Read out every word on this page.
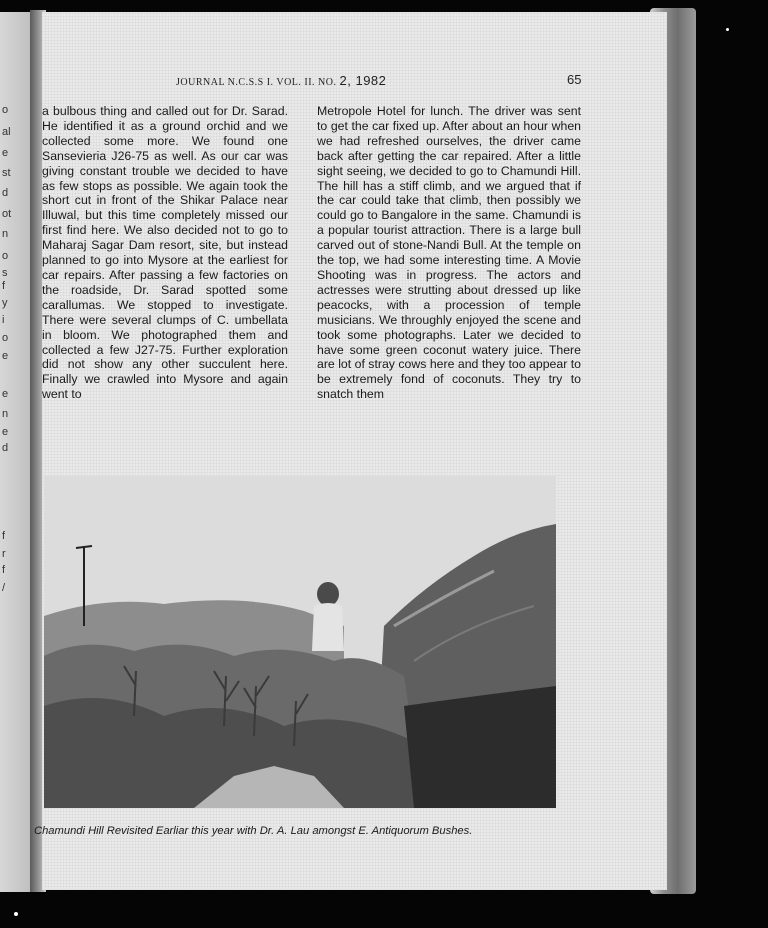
o
al
e
st
d
ot
n
o
s
f
y
i
o
e
e
n
e
d
f
r
f
/
JOURNAL N.C.S.S I. VOL. II. NO. 2, 1982	65

a bulbous thing and called out for Dr. Sarad. He identified it as a ground orchid and we collected some more. We found one Sansevieria J26-75 as well. As our car was giving constant trouble we decided to have as few stops as possible. We again took the short cut in front of the Shikar Palace near Illuwal, but this time completely missed our first find here. We also decided not to go to Maharaj Sagar Dam resort, site, but instead planned to go into Mysore at the earliest for car repairs. After passing a few factories on the roadside, Dr. Sarad spotted some carallumas. We stopped to investigate. There were several clumps of C. umbellata in bloom. We photographed them and collected a few J27-75. Further exploration did not show any other succulent here. Finally we crawled into Mysore and again went to

Metropole Hotel for lunch. The driver was sent to get the car fixed up. After about an hour when we had refreshed ourselves, the driver came back after getting the car repaired. After a little sight seeing, we decided to go to Chamundi Hill. The hill has a stiff climb, and we argued that if the car could take that climb, then possibly we could go to Bangalore in the same. Chamundi is a popular tourist attraction. There is a large bull carved out of stone-Nandi Bull. At the temple on the top, we had some interesting time. A Movie Shooting was in progress. The actors and actresses were strutting about dressed up like peacocks, with a procession of temple musicians. We throughly enjoyed the scene and took some photographs. Later we decided to have some green coconut watery juice. There are lot of stray cows here and they too appear to be extremely fond of coconuts. They try to snatch them

Chamundi Hill Revisited Earliar this year with Dr. A. Lau amongst E. Antiquorum Bushes.
